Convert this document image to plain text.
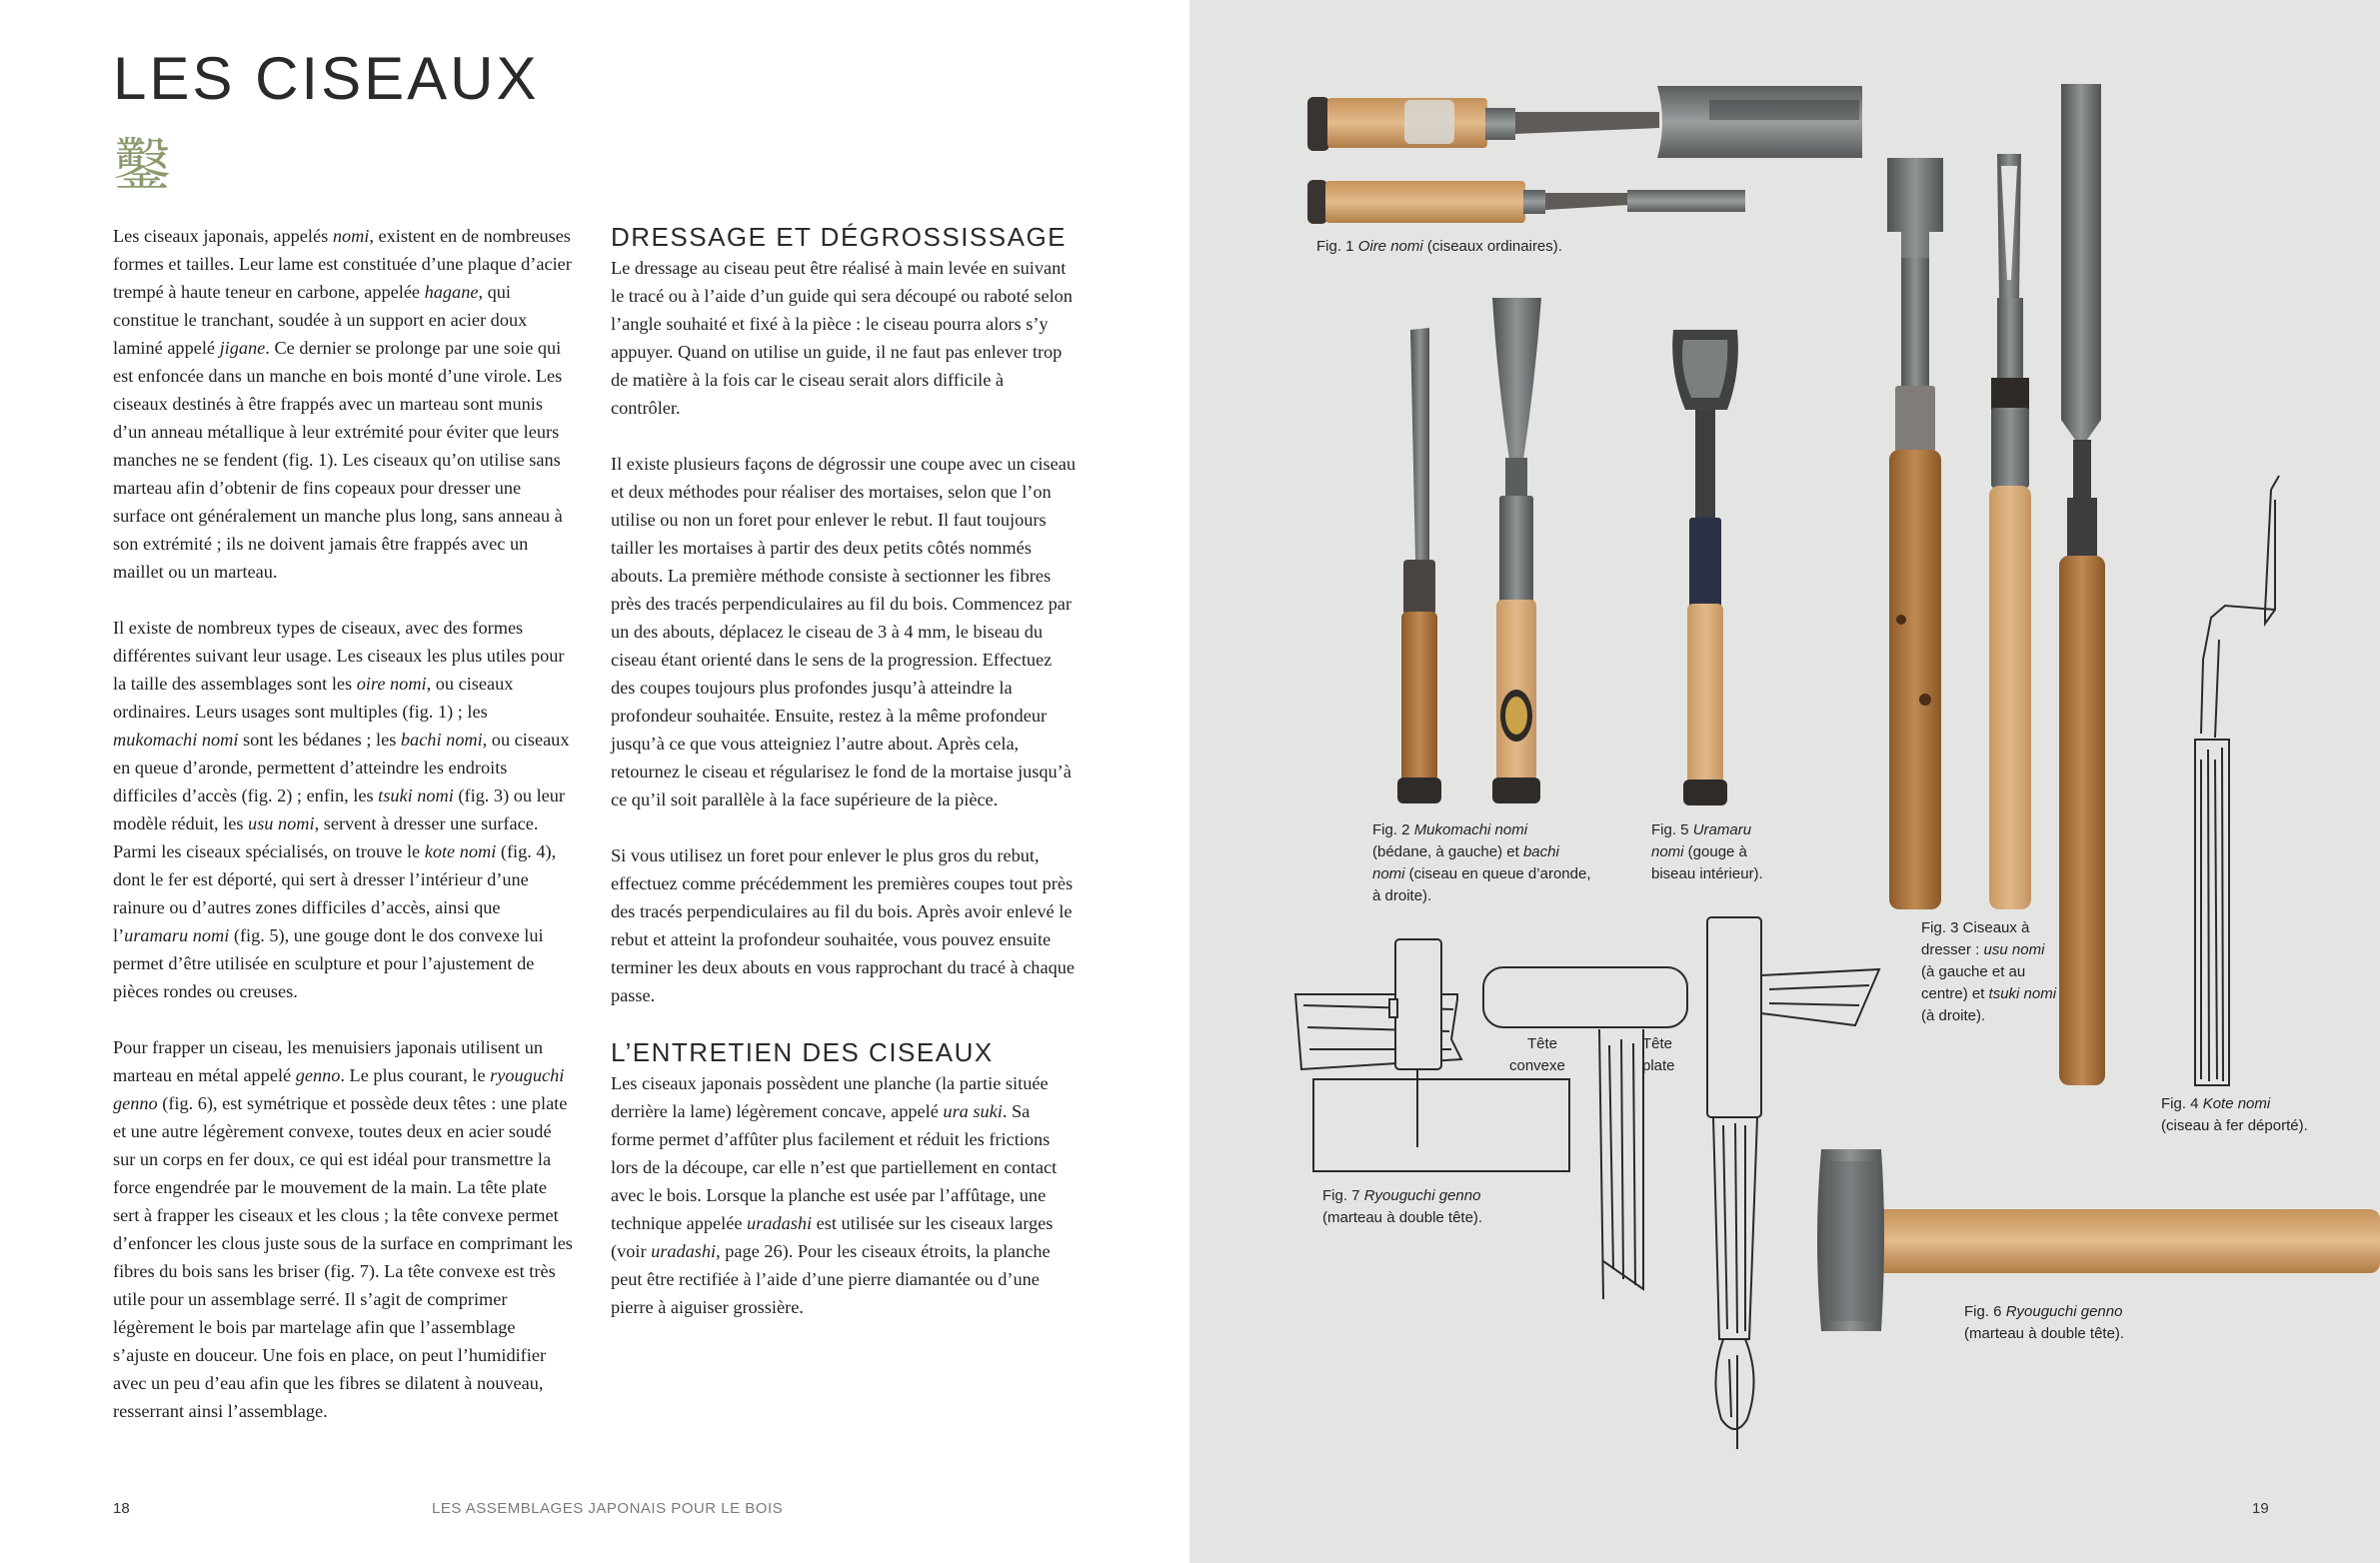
LES CISEAUX
鑿

Les ciseaux japonais, appelés nomi, existent en de nombreuses formes et tailles. Leur lame est constituée d’une plaque d’acier trempé à haute teneur en carbone, appelée hagane, qui constitue le tranchant, soudée à un support en acier doux laminé appelé jigane. Ce dernier se prolonge par une soie qui est enfoncée dans un manche en bois monté d’une virole. Les ciseaux destinés à être frappés avec un marteau sont munis d’un anneau métallique à leur extrémité pour éviter que leurs manches ne se fendent (fig. 1). Les ciseaux qu’on utilise sans marteau afin d’obtenir de fins copeaux pour dresser une surface ont généralement un manche plus long, sans anneau à son extrémité ; ils ne doivent jamais être frappés avec un maillet ou un marteau.

Il existe de nombreux types de ciseaux, avec des formes différentes suivant leur usage. Les ciseaux les plus utiles pour la taille des assemblages sont les oire nomi, ou ciseaux ordinaires. Leurs usages sont multiples (fig. 1) ; les mukomachi nomi sont les bédanes ; les bachi nomi, ou ciseaux en queue d’aronde, permettent d’atteindre les endroits difficiles d’accès (fig. 2) ; enfin, les tsuki nomi (fig. 3) ou leur modèle réduit, les usu nomi, servent à dresser une surface. Parmi les ciseaux spécialisés, on trouve le kote nomi (fig. 4), dont le fer est déporté, qui sert à dresser l’intérieur d’une rainure ou d’autres zones difficiles d’accès, ainsi que l’uramaru nomi (fig. 5), une gouge dont le dos convexe lui permet d’être utilisée en sculpture et pour l’ajustement de pièces rondes ou creuses.

Pour frapper un ciseau, les menuisiers japonais utilisent un marteau en métal appelé genno. Le plus courant, le ryouguchi genno (fig. 6), est symétrique et possède deux têtes : une plate et une autre légèrement convexe, toutes deux en acier soudé sur un corps en fer doux, ce qui est idéal pour transmettre la force engendrée par le mouvement de la main. La tête plate sert à frapper les ciseaux et les clous ; la tête convexe permet d’enfoncer les clous juste sous de la surface en comprimant les fibres du bois sans les briser (fig. 7). La tête convexe est très utile pour un assemblage serré. Il s’agit de comprimer légèrement le bois par martelage afin que l’assemblage s’ajuste en douceur. Une fois en place, on peut l’humidifier avec un peu d’eau afin que les fibres se dilatent à nouveau, resserrant ainsi l’assemblage.

DRESSAGE ET DÉGROSSISSAGE

Le dressage au ciseau peut être réalisé à main levée en suivant le tracé ou à l’aide d’un guide qui sera découpé ou raboté selon l’angle souhaité et fixé à la pièce : le ciseau pourra alors s’y appuyer. Quand on utilise un guide, il ne faut pas enlever trop de matière à la fois car le ciseau serait alors difficile à contrôler.

Il existe plusieurs façons de dégrossir une coupe avec un ciseau et deux méthodes pour réaliser des mortaises, selon que l’on utilise ou non un foret pour enlever le rebut. Il faut toujours tailler les mortaises à partir des deux petits côtés nommés abouts. La première méthode consiste à sectionner les fibres près des tracés perpendiculaires au fil du bois. Commencez par un des abouts, déplacez le ciseau de 3 à 4 mm, le biseau du ciseau étant orienté dans le sens de la progression. Effectuez des coupes toujours plus profondes jusqu’à atteindre la profondeur souhaitée. Ensuite, restez à la même profondeur jusqu’à ce que vous atteigniez l’autre about. Après cela, retournez le ciseau et régularisez le fond de la mortaise jusqu’à ce qu’il soit parallèle à la face supérieure de la pièce.

Si vous utilisez un foret pour enlever le plus gros du rebut, effectuez comme précédemment les premières coupes tout près des tracés perpendiculaires au fil du bois. Après avoir enlevé le rebut et atteint la profondeur souhaitée, vous pouvez ensuite terminer les deux abouts en vous rapprochant du tracé à chaque passe.

L’ENTRETIEN DES CISEAUX

Les ciseaux japonais possèdent une planche (la partie située derrière la lame) légèrement concave, appelé ura suki. Sa forme permet d’affûter plus facilement et réduit les frictions lors de la découpe, car elle n’est que partiellement en contact avec le bois. Lorsque la planche est usée par l’affûtage, une technique appelée uradashi est utilisée sur les ciseaux larges (voir uradashi, page 26). Pour les ciseaux étroits, la planche peut être rectifiée à l’aide d’une pierre diamantée ou d’une pierre à aiguiser grossière.

18	LES ASSEMBLAGES JAPONAIS POUR LE BOIS
Fig. 1 Oire nomi (ciseaux ordinaires).
Fig. 2 Mukomachi nomi
(bédane, à gauche) et bachi
nomi (ciseau en queue d’aronde,
à droite).
Fig. 5 Uramaru
nomi (gouge à
biseau intérieur).
Fig. 3 Ciseaux à
dresser : usu nomi
(à gauche et au
centre) et tsuki nomi
(à droite).
Fig. 4 Kote nomi
(ciseau à fer déporté).
Fig. 7 Ryouguchi genno
(marteau à double tête).
Fig. 6 Ryouguchi genno
(marteau à double tête).
Tête
convexe
Tête
plate
19
